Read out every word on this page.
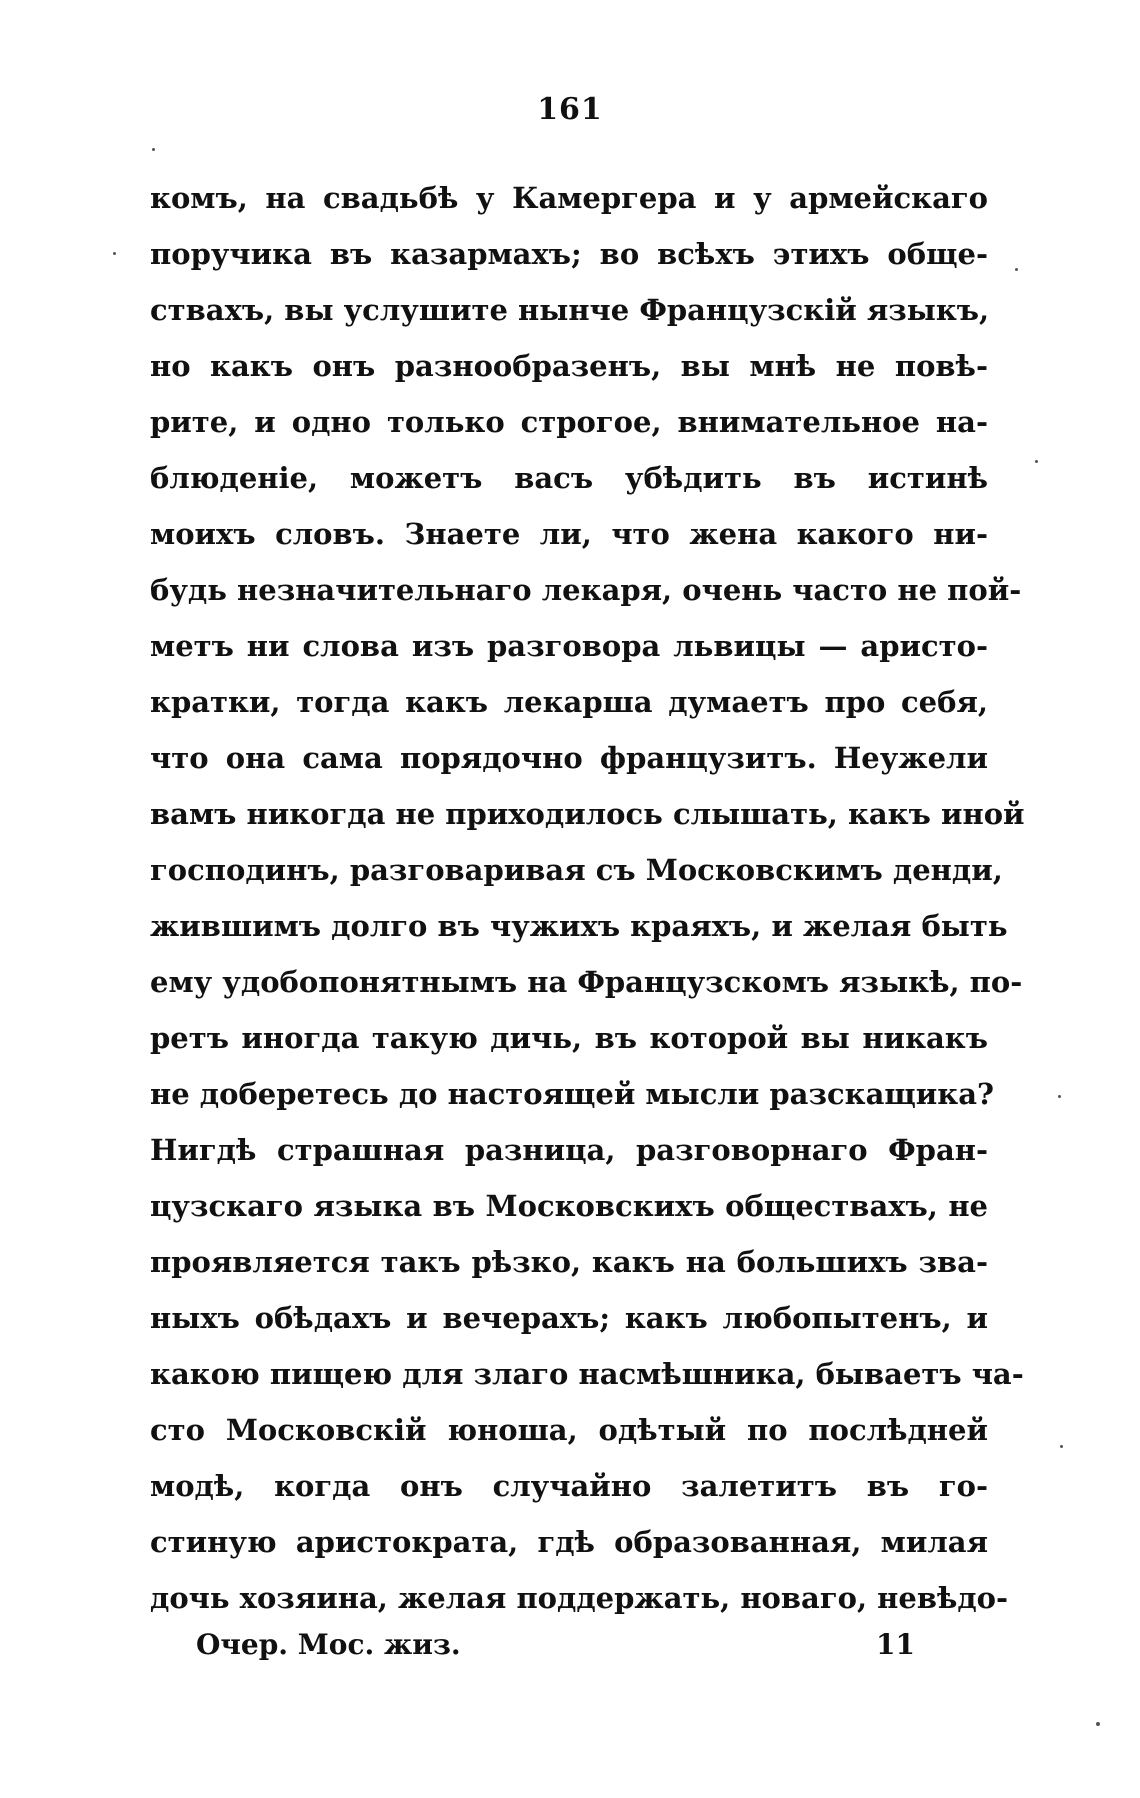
161
комъ, на свадьбѣ у Камергера и у армейскаго
поручика въ казармахъ; во всѣхъ этихъ обще-
ствахъ, вы услушите нынче Французскій языкъ,
но какъ онъ разнообразенъ, вы мнѣ не повѣ-
рите, и одно только строгое, внимательное на-
блюденіе, можетъ васъ убѣдить въ истинѣ
моихъ словъ. Знаете ли, что жена какого ни-
будь незначительнаго лекаря, очень часто не пой-
метъ ни слова изъ разговора львицы — аристо-
кратки, тогда какъ лекарша думаетъ про себя,
что она сама порядочно французитъ. Неужели
вамъ никогда не приходилось слышать, какъ иной
господинъ, разговаривая съ Московскимъ денди,
жившимъ долго въ чужихъ краяхъ, и желая быть
ему удобопонятнымъ на Французскомъ языкѣ, по-
ретъ иногда такую дичь, въ которой вы никакъ
не доберетесь до настоящей мысли разскащика?
Нигдѣ страшная разница, разговорнаго Фран-
цузскаго языка въ Московскихъ обществахъ, не
проявляется такъ рѣзко, какъ на большихъ зва-
ныхъ обѣдахъ и вечерахъ; какъ любопытенъ, и
какою пищею для злаго насмѣшника, бываетъ ча-
сто Московскій юноша, одѣтый по послѣдней
модѣ, когда онъ случайно залетитъ въ го-
стиную аристократа, гдѣ образованная, милая
дочь хозяина, желая поддержать, новаго, невѣдо-
Очер. Мос. жиз.	11
